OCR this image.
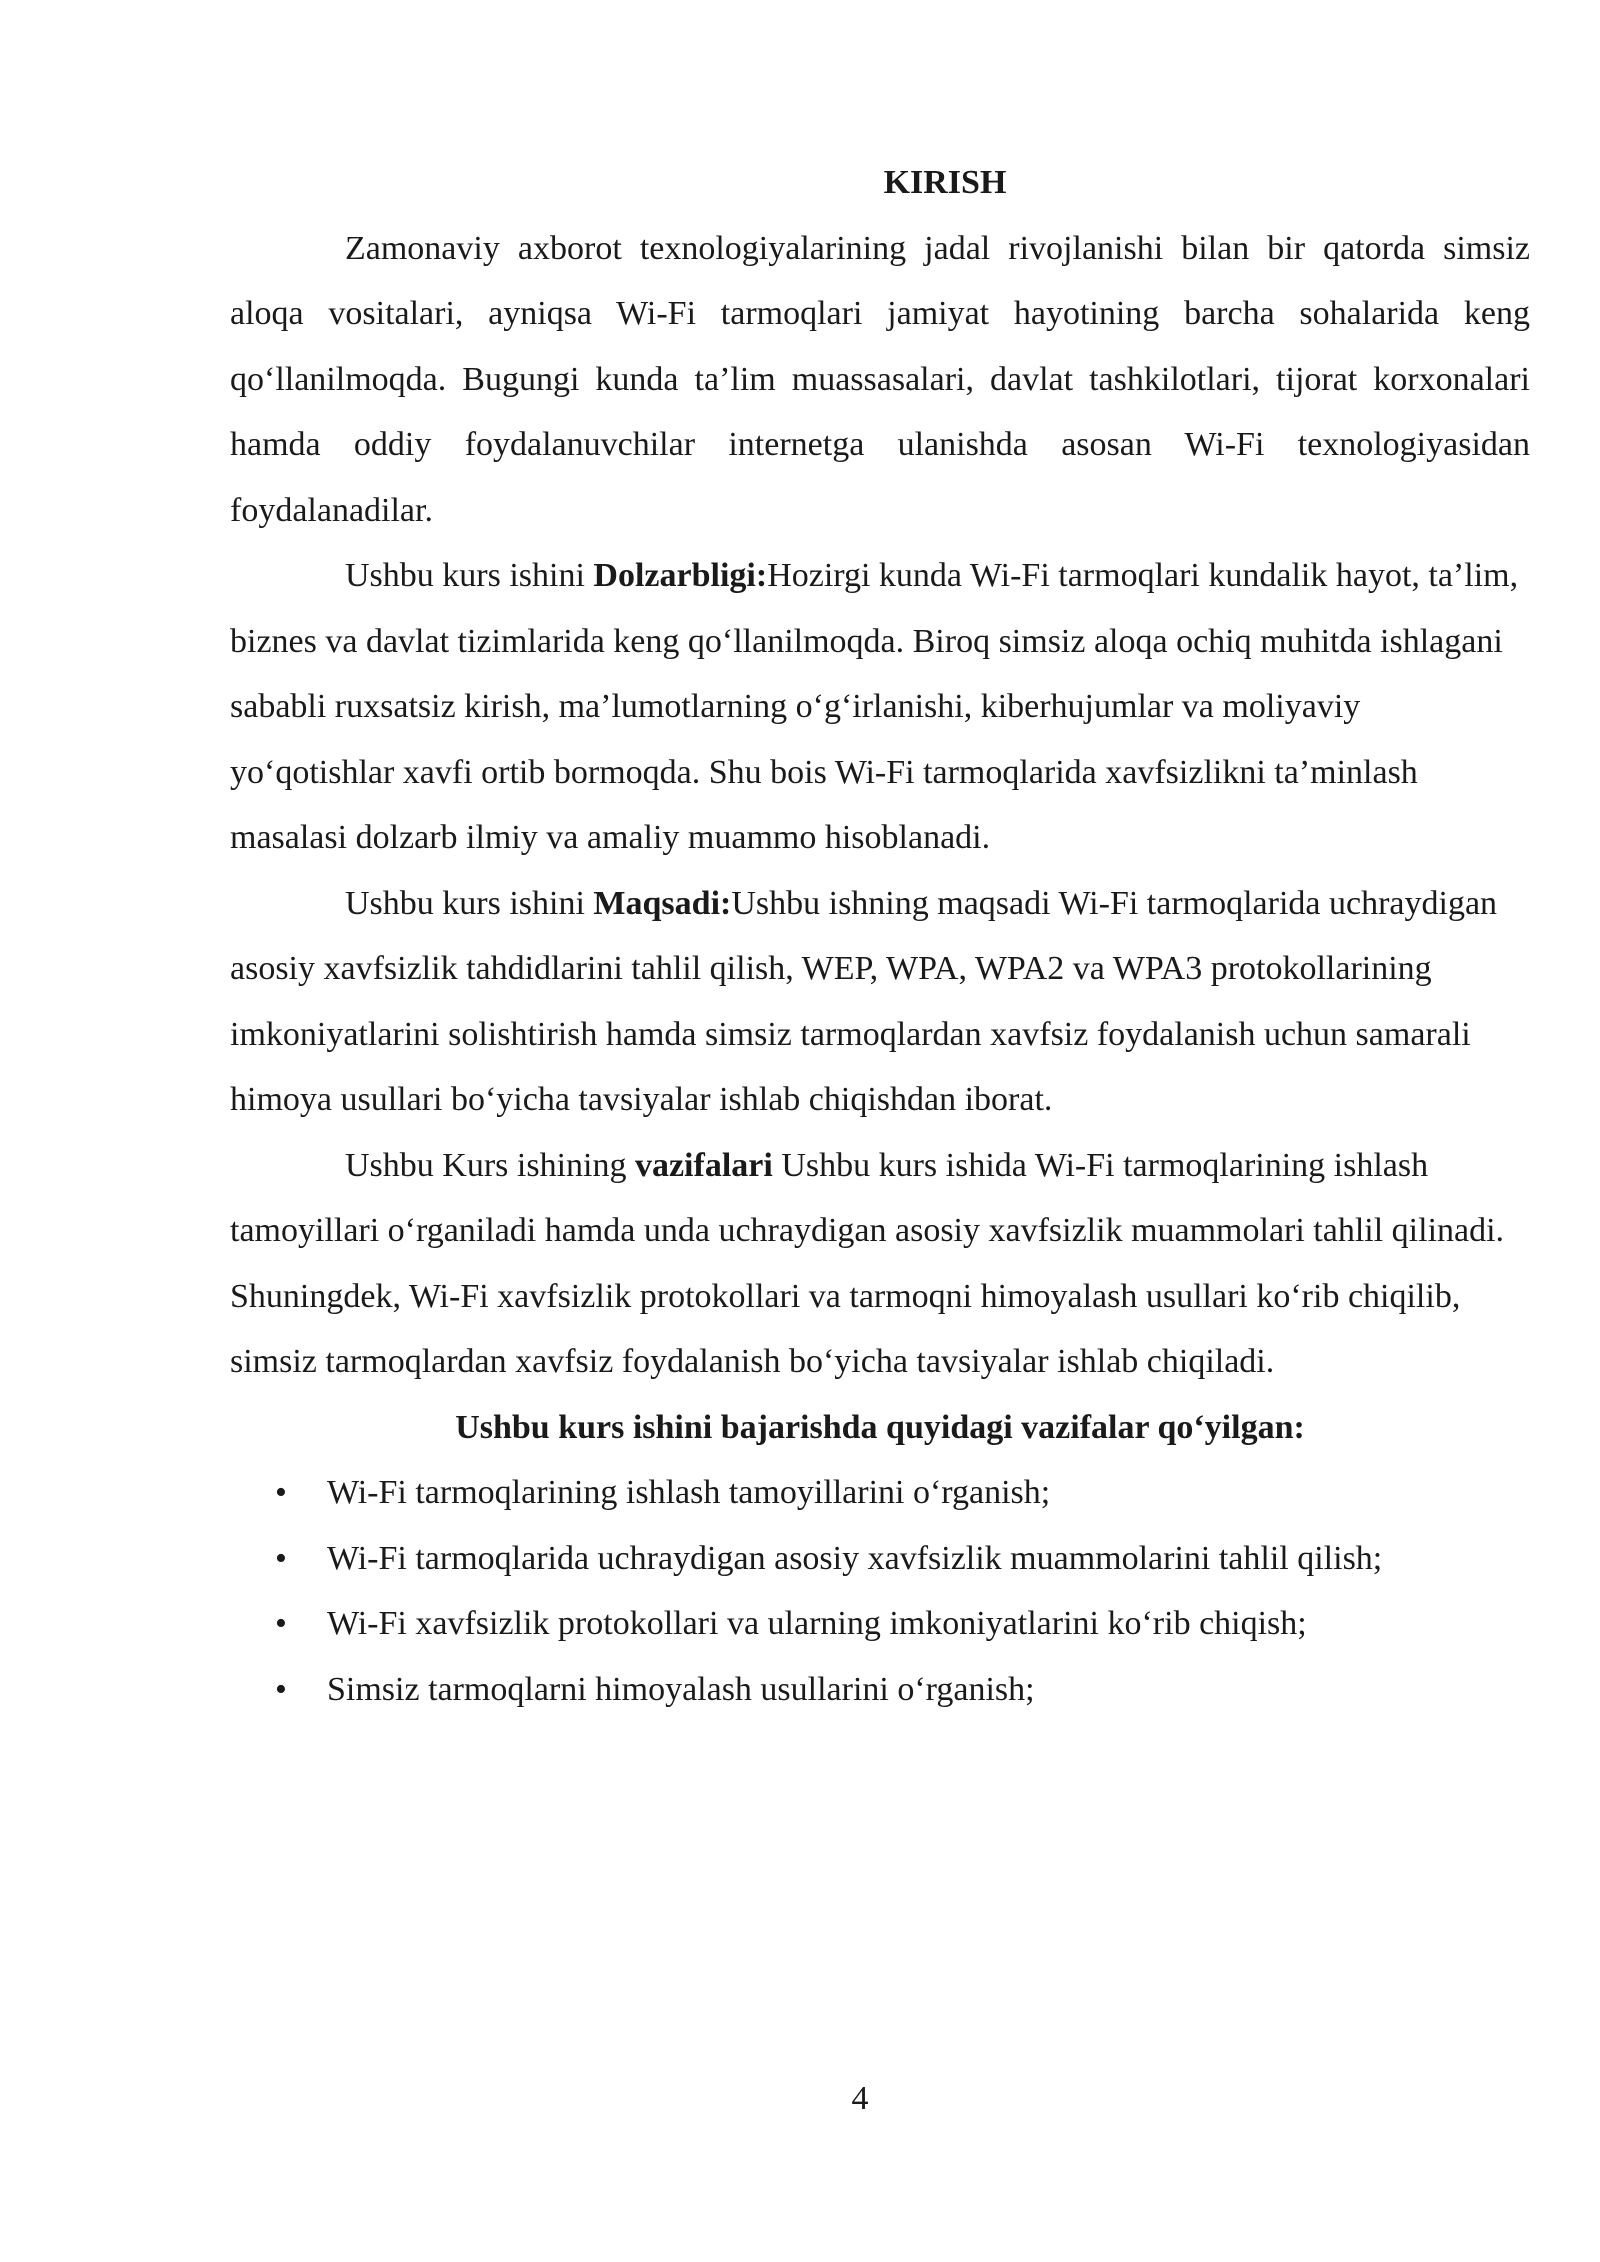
KIRISH

Zamonaviy axborot texnologiyalarining jadal rivojlanishi bilan bir qatorda simsiz aloqa vositalari, ayniqsa Wi-Fi tarmoqlari jamiyat hayotining barcha sohalarida keng qo‘llanilmoqda. Bugungi kunda ta’lim muassasalari, davlat tashkilotlari, tijorat korxonalari hamda oddiy foydalanuvchilar internetga ulanishda asosan Wi-Fi texnologiyasidan foydalanadilar.

Ushbu kurs ishini Dolzarbligi:Hozirgi kunda Wi-Fi tarmoqlari kundalik hayot, ta’lim, biznes va davlat tizimlarida keng qo‘llanilmoqda. Biroq simsiz aloqa ochiq muhitda ishlagani sababli ruxsatsiz kirish, ma’lumotlarning o‘g‘irlanishi, kiberhujumlar va moliyaviy yo‘qotishlar xavfi ortib bormoqda. Shu bois Wi-Fi tarmoqlarida xavfsizlikni ta’minlash masalasi dolzarb ilmiy va amaliy muammo hisoblanadi.

Ushbu kurs ishini Maqsadi:Ushbu ishning maqsadi Wi-Fi tarmoqlarida uchraydigan asosiy xavfsizlik tahdidlarini tahlil qilish, WEP, WPA, WPA2 va WPA3 protokollarining imkoniyatlarini solishtirish hamda simsiz tarmoqlardan xavfsiz foydalanish uchun samarali himoya usullari bo‘yicha tavsiyalar ishlab chiqishdan iborat.

Ushbu Kurs ishining vazifalari Ushbu kurs ishida Wi-Fi tarmoqlarining ishlash tamoyillari o‘rganiladi hamda unda uchraydigan asosiy xavfsizlik muammolari tahlil qilinadi. Shuningdek, Wi-Fi xavfsizlik protokollari va tarmoqni himoyalash usullari ko‘rib chiqilib, simsiz tarmoqlardan xavfsiz foydalanish bo‘yicha tavsiyalar ishlab chiqiladi.

Ushbu kurs ishini bajarishda quyidagi vazifalar qo‘yilgan:

• Wi-Fi tarmoqlarining ishlash tamoyillarini o‘rganish;
• Wi-Fi tarmoqlarida uchraydigan asosiy xavfsizlik muammolarini tahlil qilish;
• Wi-Fi xavfsizlik protokollari va ularning imkoniyatlarini ko‘rib chiqish;
• Simsiz tarmoqlarni himoyalash usullarini o‘rganish;
4
